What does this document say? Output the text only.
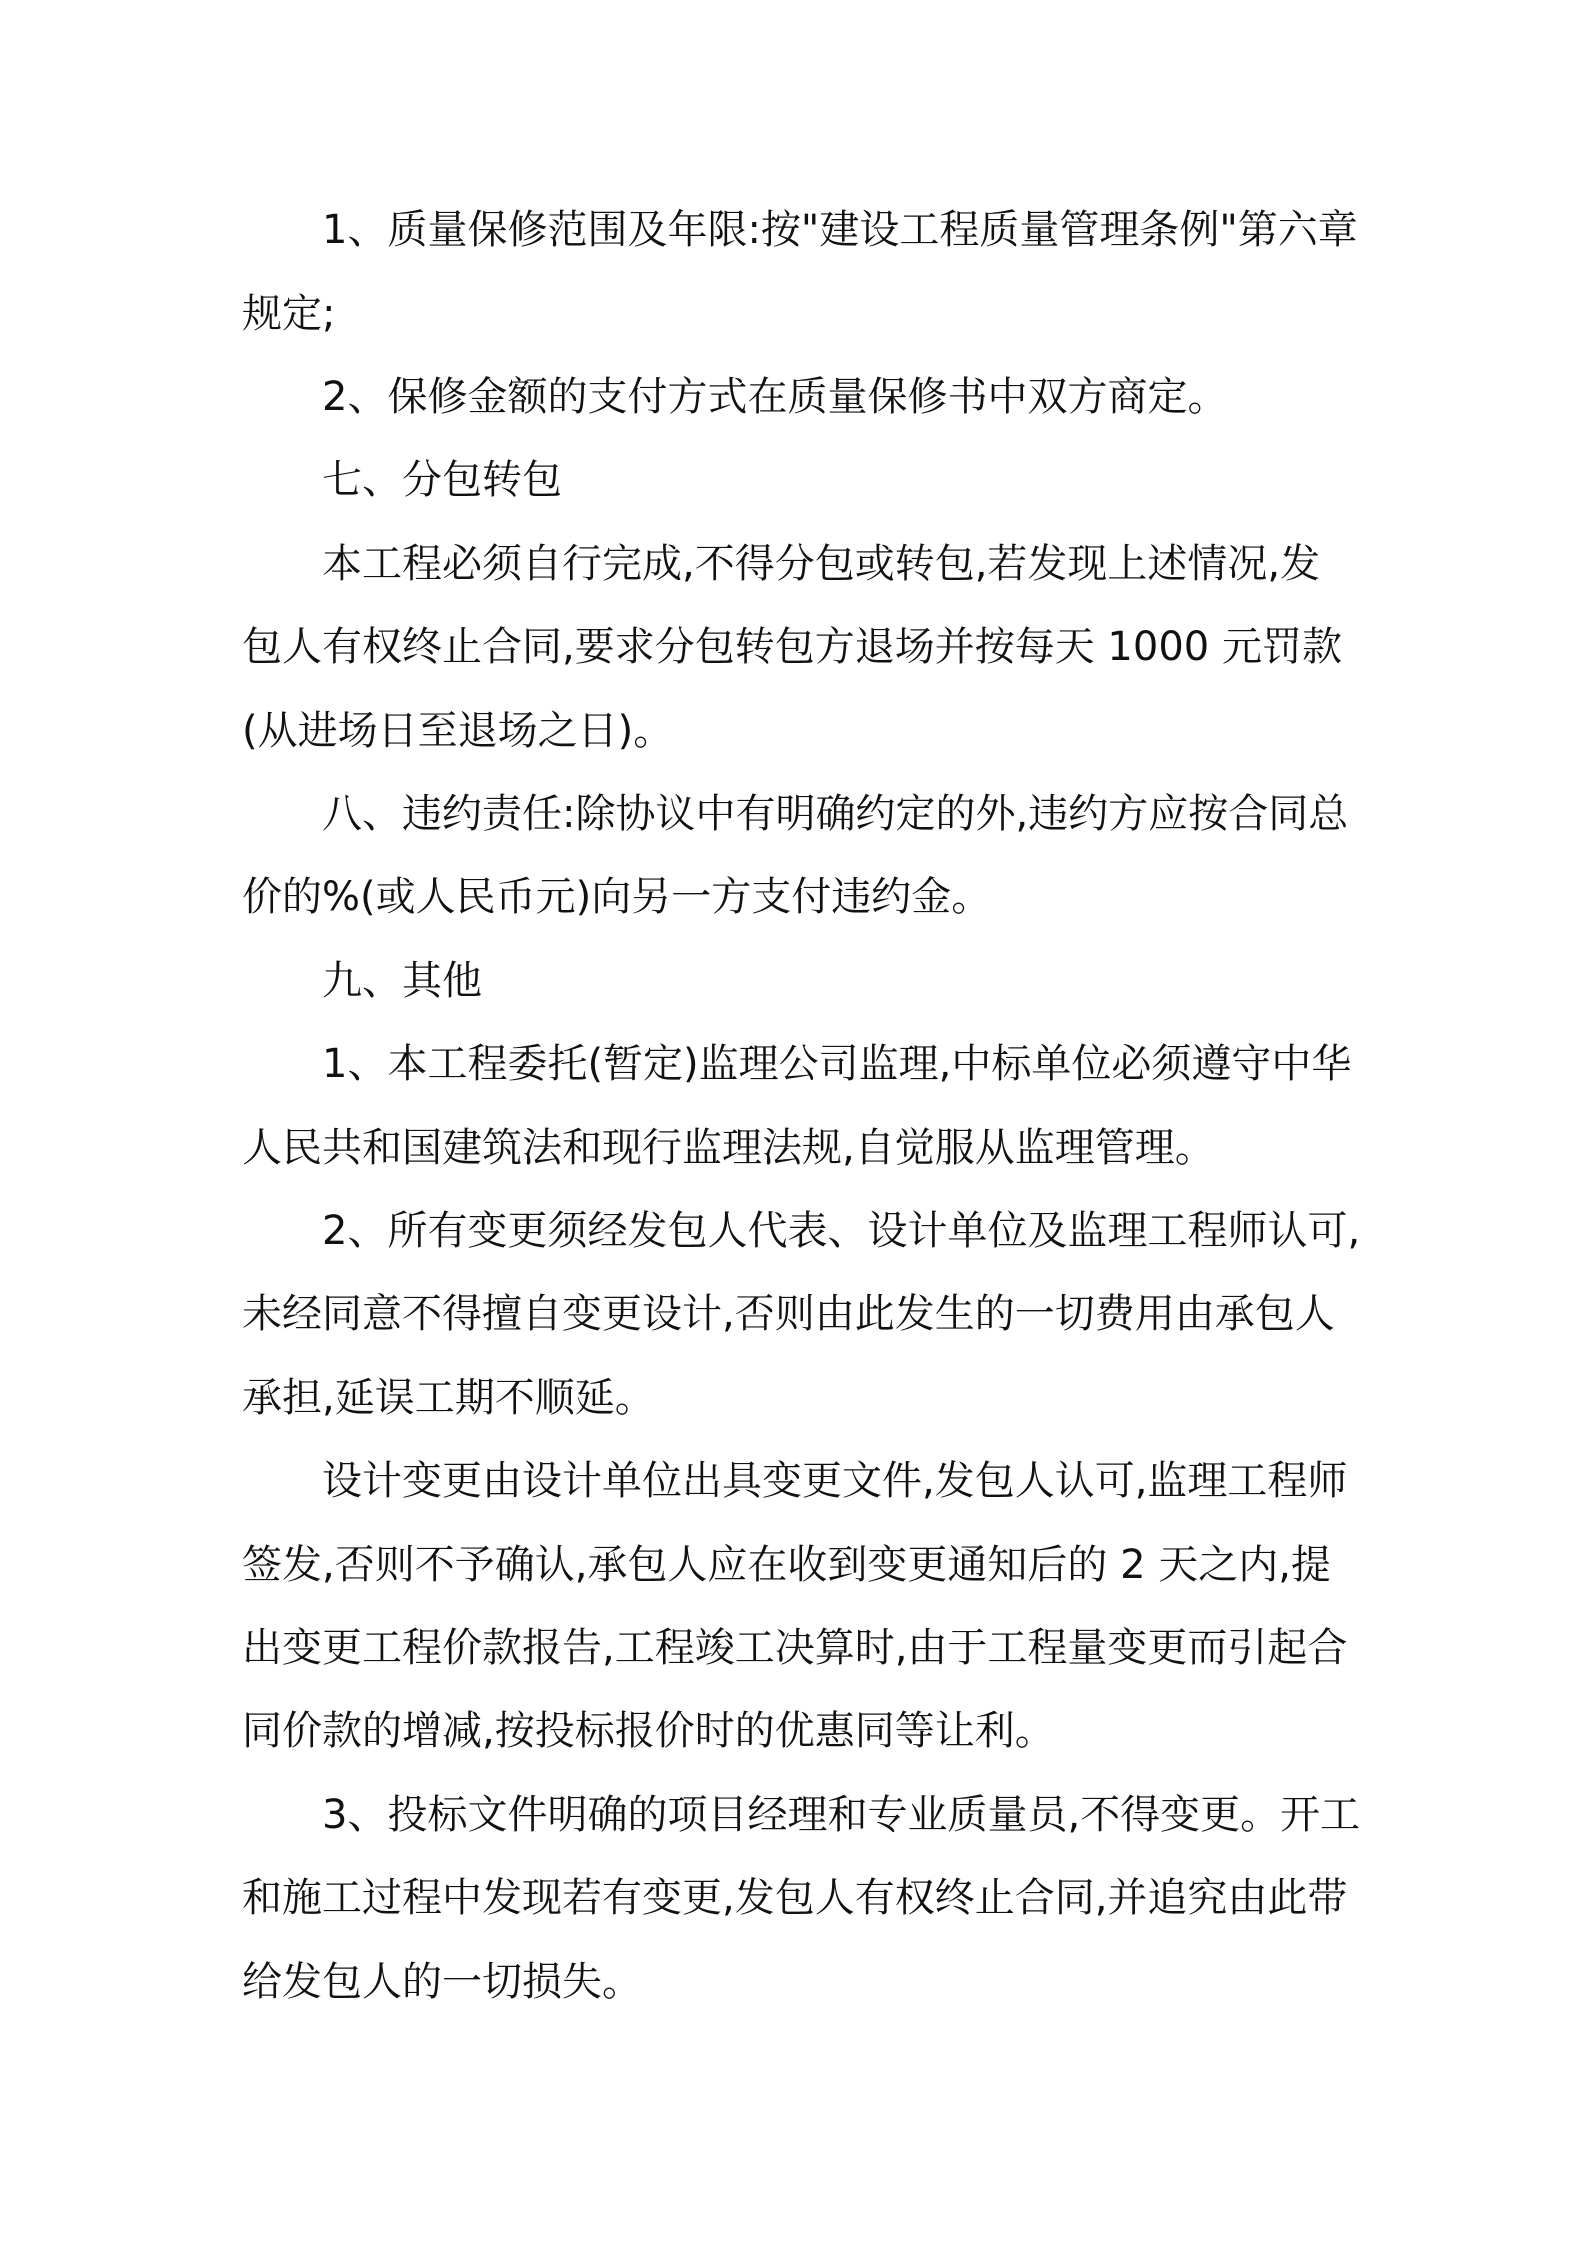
1、质量保修范围及年限:按"建设工程质量管理条例"第六章

规定;

2、保修金额的支付方式在质量保修书中双方商定。

七、分包转包

本工程必须自行完成,不得分包或转包,若发现上述情况,发

包人有权终止合同,要求分包转包方退场并按每天 1000 元罚款

(从进场日至退场之日)。

八、违约责任:除协议中有明确约定的外,违约方应按合同总

价的%(或人民币元)向另一方支付违约金。

九、其他

1、本工程委托(暂定)监理公司监理,中标单位必须遵守中华

人民共和国建筑法和现行监理法规,自觉服从监理管理。

2、所有变更须经发包人代表、设计单位及监理工程师认可,

未经同意不得擅自变更设计,否则由此发生的一切费用由承包人

承担,延误工期不顺延。

设计变更由设计单位出具变更文件,发包人认可,监理工程师

签发,否则不予确认,承包人应在收到变更通知后的 2 天之内,提

出变更工程价款报告,工程竣工决算时,由于工程量变更而引起合

同价款的增减,按投标报价时的优惠同等让利。

3、投标文件明确的项目经理和专业质量员,不得变更。开工

和施工过程中发现若有变更,发包人有权终止合同,并追究由此带

给发包人的一切损失。
